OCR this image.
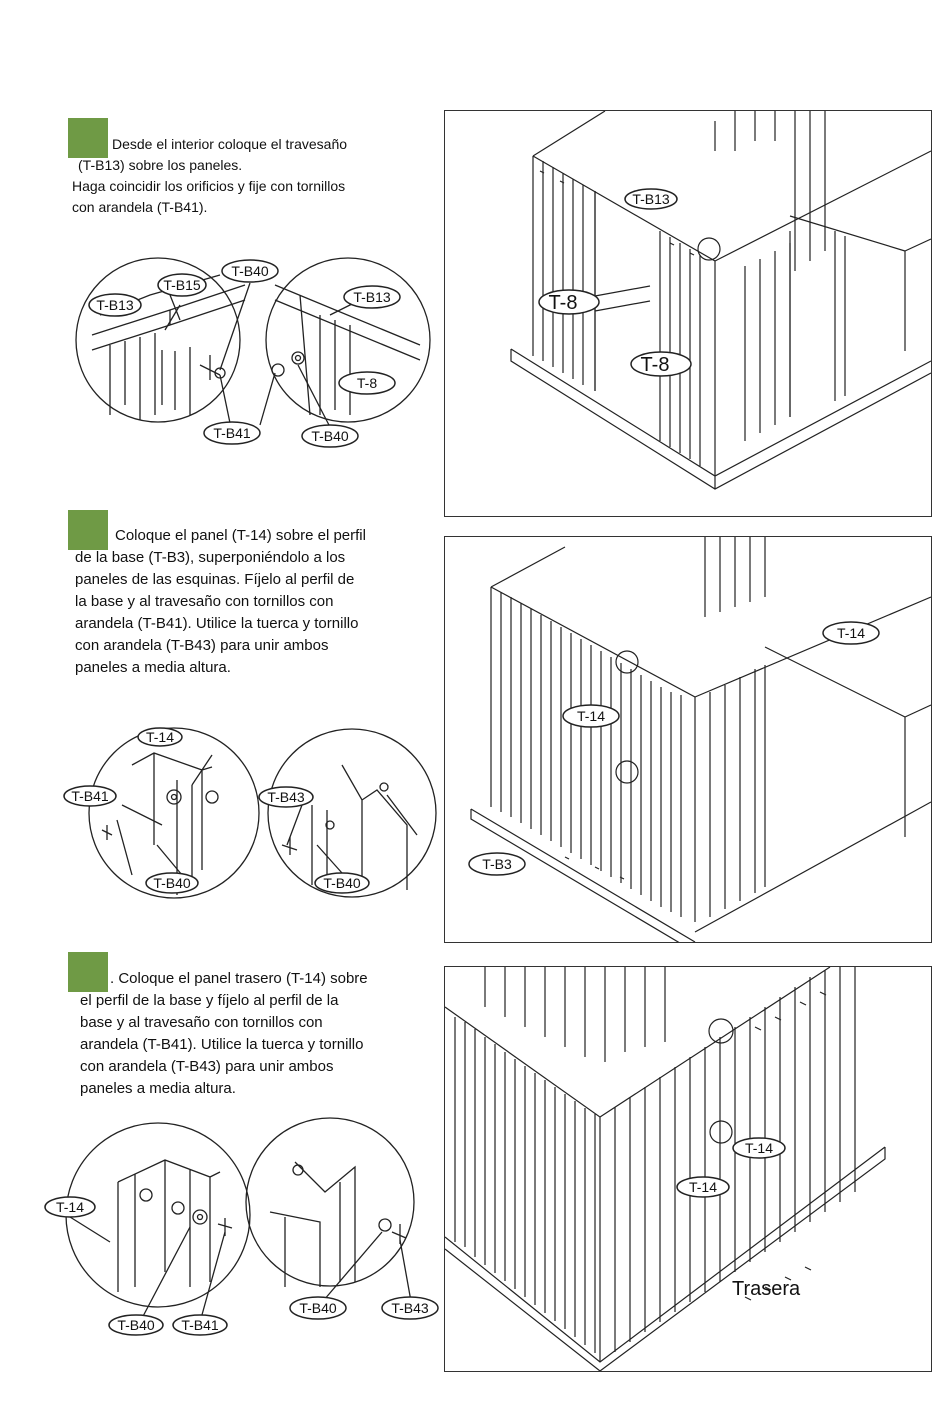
Desde el interior coloque el travesaño

(T-B13) sobre los paneles.

Haga coincidir los orificios y fije con tornillos

con arandela (T-B41).

T-B15
T-B13
T-B40
T-B13
T-8
T-B41	T-B40
T-B13
T-8
T-8

Coloque el panel (T-14) sobre el perfil

de la base (T-B3), superponiéndolo a los

paneles de las esquinas. Fíjelo al perfil de

la base y al travesaño con tornillos con

arandela (T-B41). Utilice la tuerca y tornillo

con arandela (T-B43) para unir ambos

paneles a media altura.

T-14
T-B41
T-B40
T-B43
T-B40
T-14
T-14
T-B3

. Coloque el panel trasero (T-14) sobre

el perfil de la base y fíjelo al perfil de la

base y al travesaño con tornillos con

arandela (T-B41). Utilice la tuerca y tornillo

con arandela (T-B43) para unir ambos

paneles a media altura.

T-14
T-B40 T-B41
T-B40	T-B43
T-14
T-14
Trasera
